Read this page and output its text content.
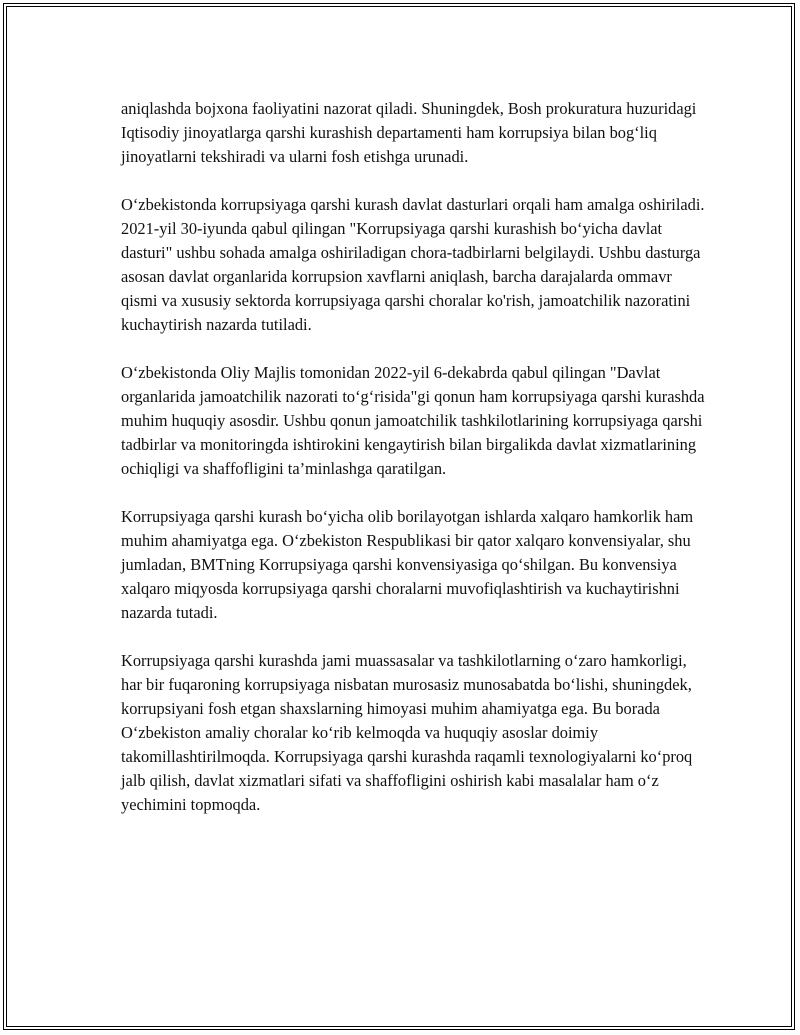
aniqlashda bojxona faoliyatini nazorat qiladi. Shuningdek, Bosh prokuratura huzuridagi Iqtisodiy jinoyatlarga qarshi kurashish departamenti ham korrupsiya bilan bog‘liq jinoyatlarni tekshiradi va ularni fosh etishga urunadi.

O‘zbekistonda korrupsiyaga qarshi kurash davlat dasturlari orqali ham amalga oshiriladi. 2021-yil 30-iyunda qabul qilingan "Korrupsiyaga qarshi kurashish bo‘yicha davlat dasturi" ushbu sohada amalga oshiriladigan chora-tadbirlarni belgilaydi. Ushbu dasturga asosan davlat organlarida korrupsion xavflarni aniqlash, barcha darajalarda ommavr qismi va xususiy sektorda korrupsiyaga qarshi choralar ko'rish, jamoatchilik nazoratini kuchaytirish nazarda tutiladi.

O‘zbekistonda Oliy Majlis tomonidan 2022-yil 6-dekabrda qabul qilingan "Davlat organlarida jamoatchilik nazorati to‘g‘risida"gi qonun ham korrupsiyaga qarshi kurashda muhim huquqiy asosdir. Ushbu qonun jamoatchilik tashkilotlarining korrupsiyaga qarshi tadbirlar va monitoringda ishtirokini kengaytirish bilan birgalikda davlat xizmatlarining ochiqligi va shaffofligini ta’minlashga qaratilgan.

Korrupsiyaga qarshi kurash bo‘yicha olib borilayotgan ishlarda xalqaro hamkorlik ham muhim ahamiyatga ega. O‘zbekiston Respublikasi bir qator xalqaro konvensiyalar, shu jumladan, BMTning Korrupsiyaga qarshi konvensiyasiga qo‘shilgan. Bu konvensiya xalqaro miqyosda korrupsiyaga qarshi choralarni muvofiqlashtirish va kuchaytirishni nazarda tutadi.

Korrupsiyaga qarshi kurashda jami muassasalar va tashkilotlarning o‘zaro hamkorligi, har bir fuqaroning korrupsiyaga nisbatan murosasiz munosabatda bo‘lishi, shuningdek, korrupsiyani fosh etgan shaxslarning himoyasi muhim ahamiyatga ega. Bu borada O‘zbekiston amaliy choralar ko‘rib kelmoqda va huquqiy asoslar doimiy takomillashtirilmoqda. Korrupsiyaga qarshi kurashda raqamli texnologiyalarni ko‘proq jalb qilish, davlat xizmatlari sifati va shaffofligini oshirish kabi masalalar ham o‘z yechimini topmoqda.
